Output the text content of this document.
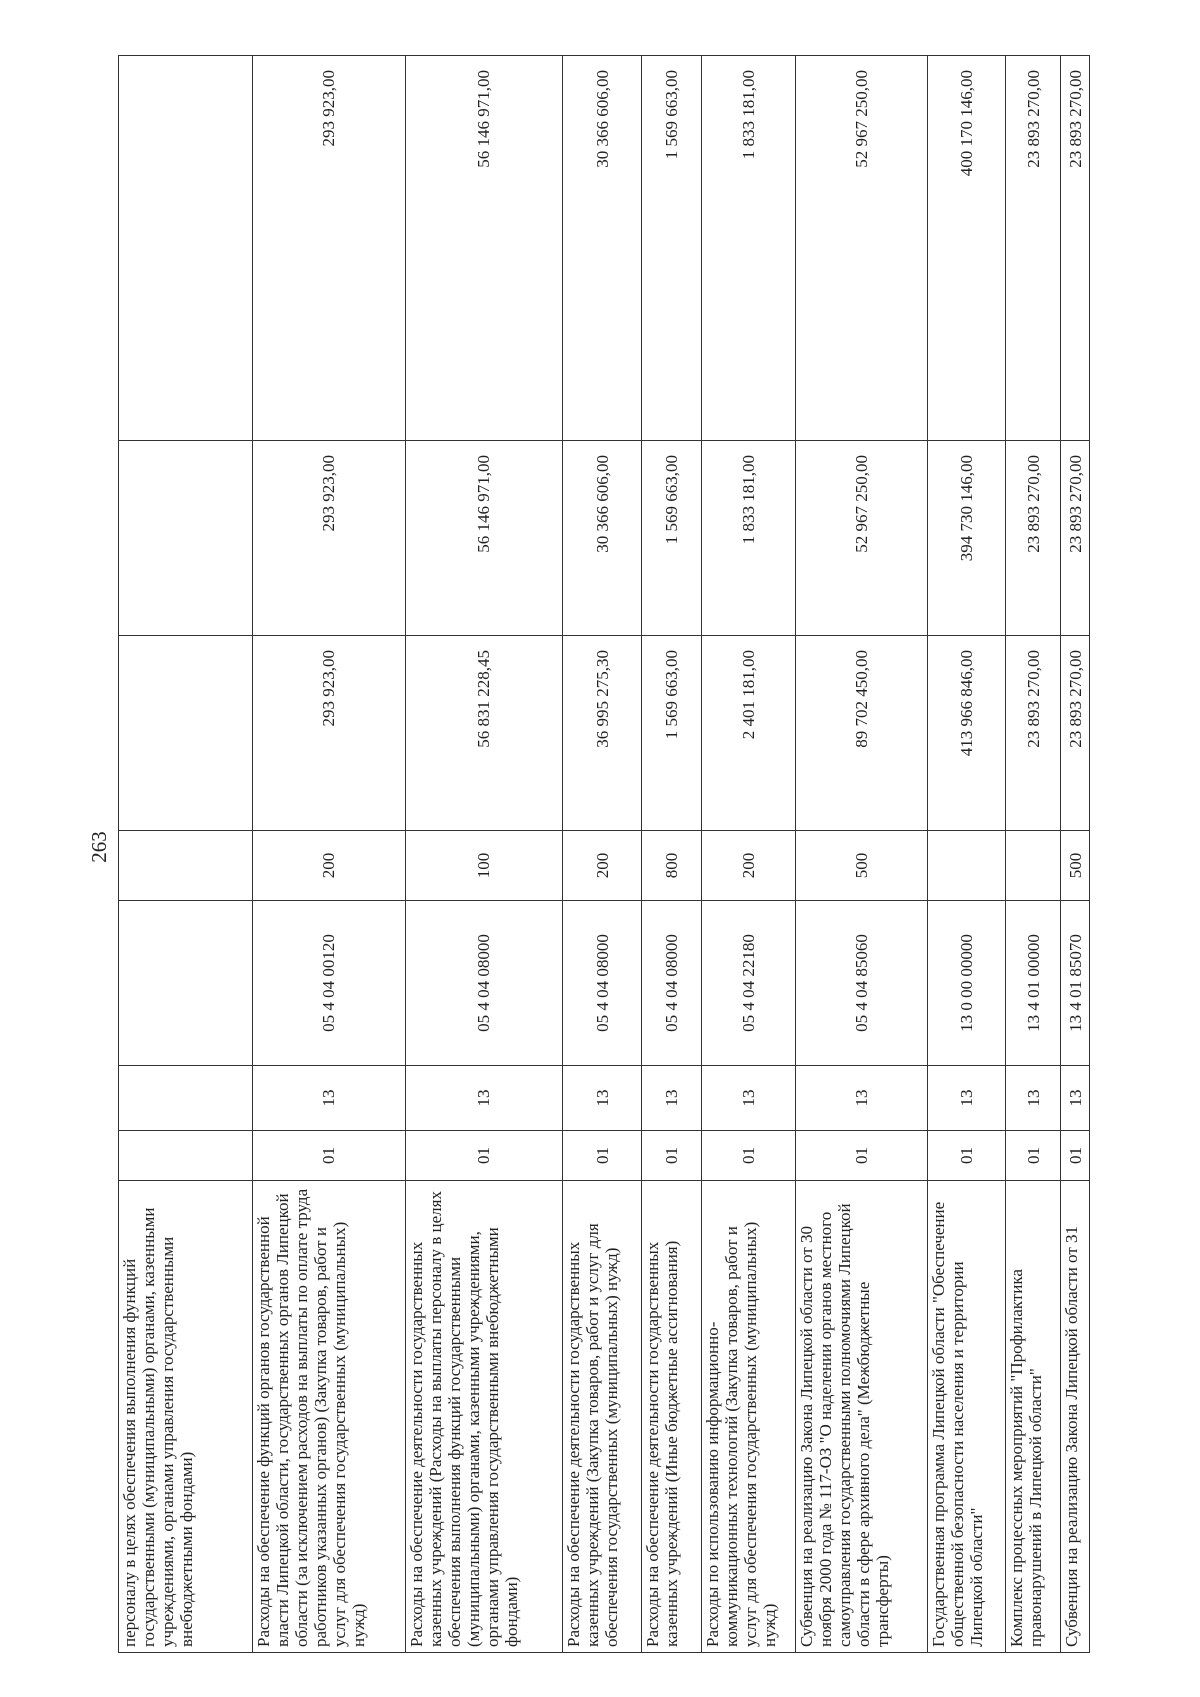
263
персоналу в целях обеспечения выполнения функций государственными (муниципальными) органами, казенными учреждениями, органами управления государственными внебюджетными фондами)							
Расходы на обеспечение функций органов государственной власти Липецкой области, государственных органов Липецкой области (за исключением расходов на выплаты по оплате труда работников указанных органов) (Закупка товаров, работ и услуг для обеспечения государственных (муниципальных) нужд)	01	13	05 4 04 00120	200	293 923,00	293 923,00	293 923,00
Расходы на обеспечение деятельности государственных казенных учреждений (Расходы на выплаты персоналу в целях обеспечения выполнения функций государственными (муниципальными) органами, казенными учреждениями, органами управления государственными внебюджетными фондами)	01	13	05 4 04 08000	100	56 831 228,45	56 146 971,00	56 146 971,00
Расходы на обеспечение деятельности государственных казенных учреждений (Закупка товаров, работ и услуг для обеспечения государственных (муниципальных) нужд)	01	13	05 4 04 08000	200	36 995 275,30	30 366 606,00	30 366 606,00
Расходы на обеспечение деятельности государственных казенных учреждений (Иные бюджетные ассигнования)	01	13	05 4 04 08000	800	1 569 663,00	1 569 663,00	1 569 663,00
Расходы по использованию информационно-коммуникационных технологий (Закупка товаров, работ и услуг для обеспечения государственных (муниципальных) нужд)	01	13	05 4 04 22180	200	2 401 181,00	1 833 181,00	1 833 181,00
Субвенция на реализацию Закона Липецкой области от 30 ноября 2000 года № 117-ОЗ "О наделении органов местного самоуправления государственными полномочиями Липецкой области в сфере архивного дела" (Межбюджетные трансферты)	01	13	05 4 04 85060	500	89 702 450,00	52 967 250,00	52 967 250,00
Государственная программа Липецкой области "Обеспечение общественной безопасности населения и территории Липецкой области"	01	13	13 0 00 00000		413 966 846,00	394 730 146,00	400 170 146,00
Комплекс процессных мероприятий "Профилактика правонарушений в Липецкой области"	01	13	13 4 01 00000		23 893 270,00	23 893 270,00	23 893 270,00
Субвенция на реализацию Закона Липецкой области от 31	01	13	13 4 01 85070	500	23 893 270,00	23 893 270,00	23 893 270,00
